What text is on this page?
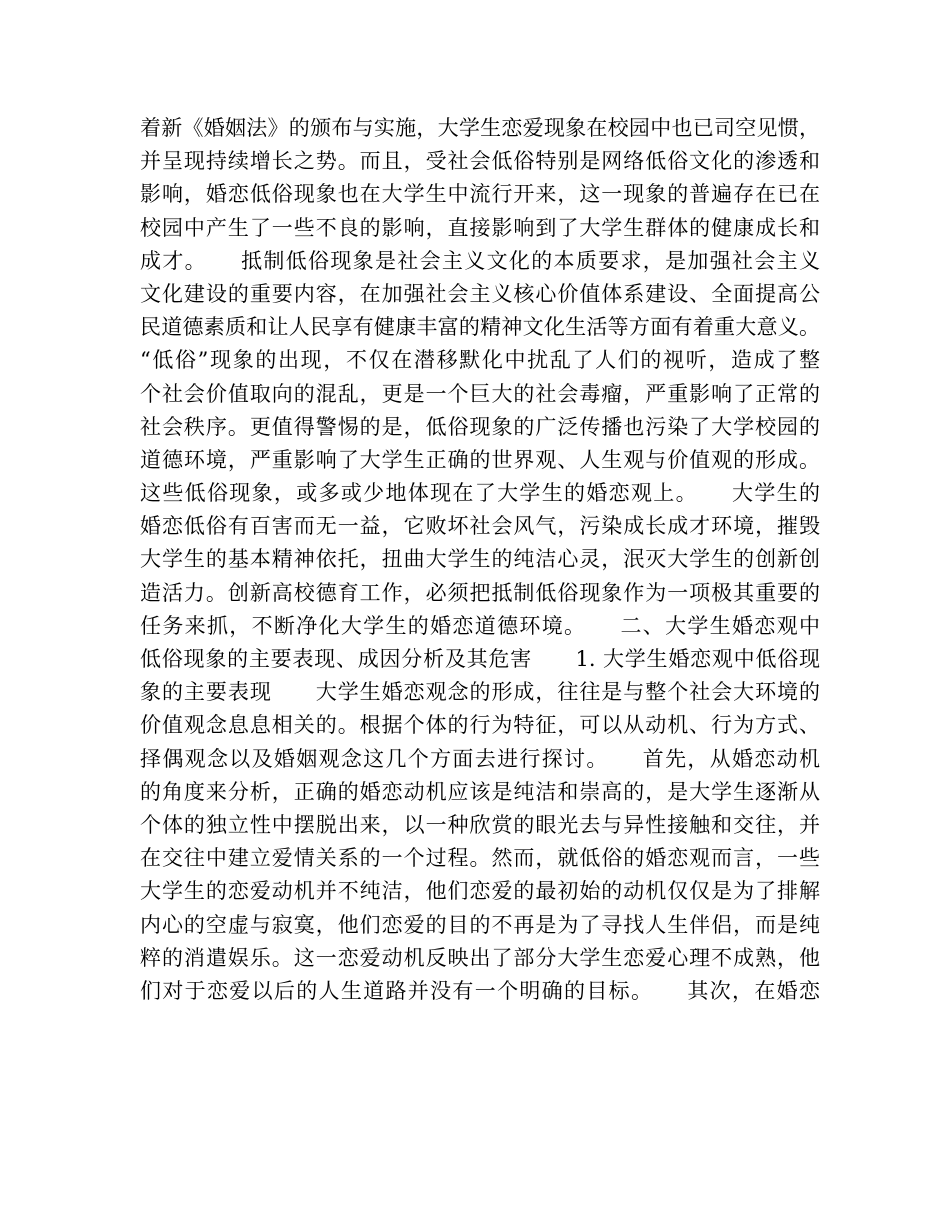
着新《婚姻法》的颁布与实施，大学生恋爱现象在校园中也已司空见惯，
并呈现持续增长之势。而且，受社会低俗特别是网络低俗文化的渗透和
影响，婚恋低俗现象也在大学生中流行开来，这一现象的普遍存在已在
校园中产生了一些不良的影响，直接影响到了大学生群体的健康成长和
成才。　　抵制低俗现象是社会主义文化的本质要求，是加强社会主义
文化建设的重要内容，在加强社会主义核心价值体系建设、全面提高公
民道德素质和让人民享有健康丰富的精神文化生活等方面有着重大意义。
“低俗”现象的出现，不仅在潜移默化中扰乱了人们的视听，造成了整
个社会价值取向的混乱，更是一个巨大的社会毒瘤，严重影响了正常的
社会秩序。更值得警惕的是，低俗现象的广泛传播也污染了大学校园的
道德环境，严重影响了大学生正确的世界观、人生观与价值观的形成。
这些低俗现象，或多或少地体现在了大学生的婚恋观上。　　大学生的
婚恋低俗有百害而无一益，它败坏社会风气，污染成长成才环境，摧毁
大学生的基本精神依托，扭曲大学生的纯洁心灵，泯灭大学生的创新创
造活力。创新高校德育工作，必须把抵制低俗现象作为一项极其重要的
任务来抓，不断净化大学生的婚恋道德环境。　　二、大学生婚恋观中
低俗现象的主要表现、成因分析及其危害　　1. 大学生婚恋观中低俗现
象的主要表现　　大学生婚恋观念的形成，往往是与整个社会大环境的
价值观念息息相关的。根据个体的行为特征，可以从动机、行为方式、
择偶观念以及婚姻观念这几个方面去进行探讨。　　首先，从婚恋动机
的角度来分析，正确的婚恋动机应该是纯洁和崇高的，是大学生逐渐从
个体的独立性中摆脱出来，以一种欣赏的眼光去与异性接触和交往，并
在交往中建立爱情关系的一个过程。然而，就低俗的婚恋观而言，一些
大学生的恋爱动机并不纯洁，他们恋爱的最初始的动机仅仅是为了排解
内心的空虚与寂寞，他们恋爱的目的不再是为了寻找人生伴侣，而是纯
粹的消遣娱乐。这一恋爱动机反映出了部分大学生恋爱心理不成熟，他
们对于恋爱以后的人生道路并没有一个明确的目标。　　其次，在婚恋
